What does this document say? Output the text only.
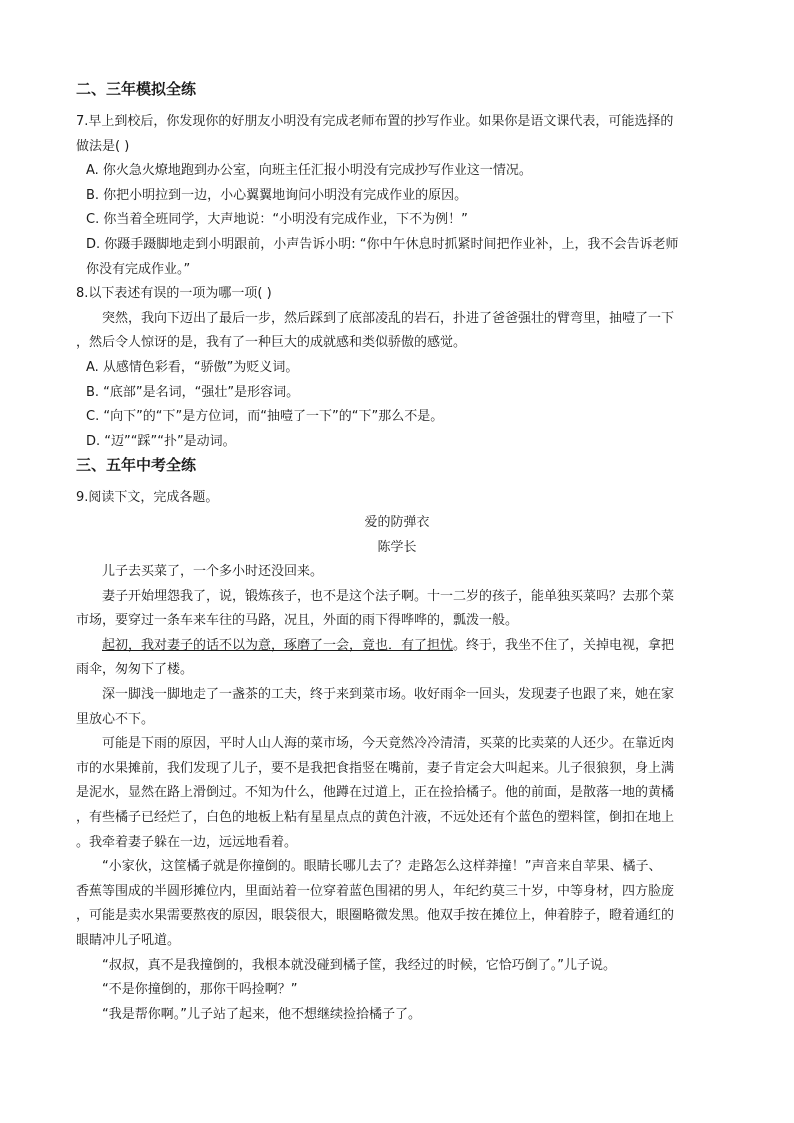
二、三年模拟全练
7.早上到校后，你发现你的好朋友小明没有完成老师布置的抄写作业。如果你是语文课代表，可能选择的
做法是( )
A. 你火急火燎地跑到办公室，向班主任汇报小明没有完成抄写作业这一情况。
B. 你把小明拉到一边，小心翼翼地询问小明没有完成作业的原因。
C. 你当着全班同学，大声地说：“小明没有完成作业，下不为例！”
D. 你蹑手蹑脚地走到小明跟前，小声告诉小明: “你中午休息时抓紧时间把作业补，上，我不会告诉老师
你没有完成作业。”
8.以下表述有误的一项为哪一项( )
突然，我向下迈出了最后一步，然后踩到了底部凌乱的岩石，扑进了爸爸强壮的臂弯里，抽噎了一下
，然后令人惊讶的是，我有了一种巨大的成就感和类似骄傲的感觉。
A. 从感情色彩看，“骄傲”为贬义词。
B. “底部”是名词，“强壮”是形容词。
C. “向下”的“下”是方位词，而“抽噎了一下”的“下”那么不是。
D. “迈”“踩”“扑”是动词。
三、五年中考全练
9.阅读下文，完成各题。
爱的防弹衣
陈学长
儿子去买菜了，一个多小时还没回来。
妻子开始埋怨我了，说，锻炼孩子，也不是这个法子啊。十一二岁的孩子，能单独买菜吗？去那个菜
市场，要穿过一条车来车往的马路，况且，外面的雨下得哗哗的，瓢泼一般。
起初，我对妻子的话不以为意，琢磨了一会，竟也．有了担忧。终于，我坐不住了，关掉电视，拿把
雨伞，匆匆下了楼。
深一脚浅一脚地走了一盏茶的工夫，终于来到菜市场。收好雨伞一回头，发现妻子也跟了来，她在家
里放心不下。
可能是下雨的原因，平时人山人海的菜市场，今天竟然冷冷清清，买菜的比卖菜的人还少。在靠近肉
市的水果摊前，我们发现了儿子，要不是我把食指竖在嘴前，妻子肯定会大叫起来。儿子很狼狈，身上满
是泥水，显然在路上滑倒过。不知为什么，他蹲在过道上，正在捡拾橘子。他的前面，是散落一地的黄橘
，有些橘子已经烂了，白色的地板上粘有星星点点的黄色汁液，不远处还有个蓝色的塑料筐，倒扣在地上
。我牵着妻子躲在一边，远远地看着。
“小家伙，这筐橘子就是你撞倒的。眼睛长哪儿去了？走路怎么这样莽撞！”声音来自苹果、橘子、
香蕉等围成的半圆形摊位内，里面站着一位穿着蓝色围裙的男人，年纪约莫三十岁，中等身材，四方脸庞
，可能是卖水果需要熬夜的原因，眼袋很大，眼圈略微发黑。他双手按在摊位上，伸着脖子，瞪着通红的
眼睛冲儿子吼道。
“叔叔，真不是我撞倒的，我根本就没碰到橘子筐，我经过的时候，它恰巧倒了。”儿子说。
“不是你撞倒的，那你干吗捡啊？”
“我是帮你啊。”儿子站了起来，他不想继续捡拾橘子了。
